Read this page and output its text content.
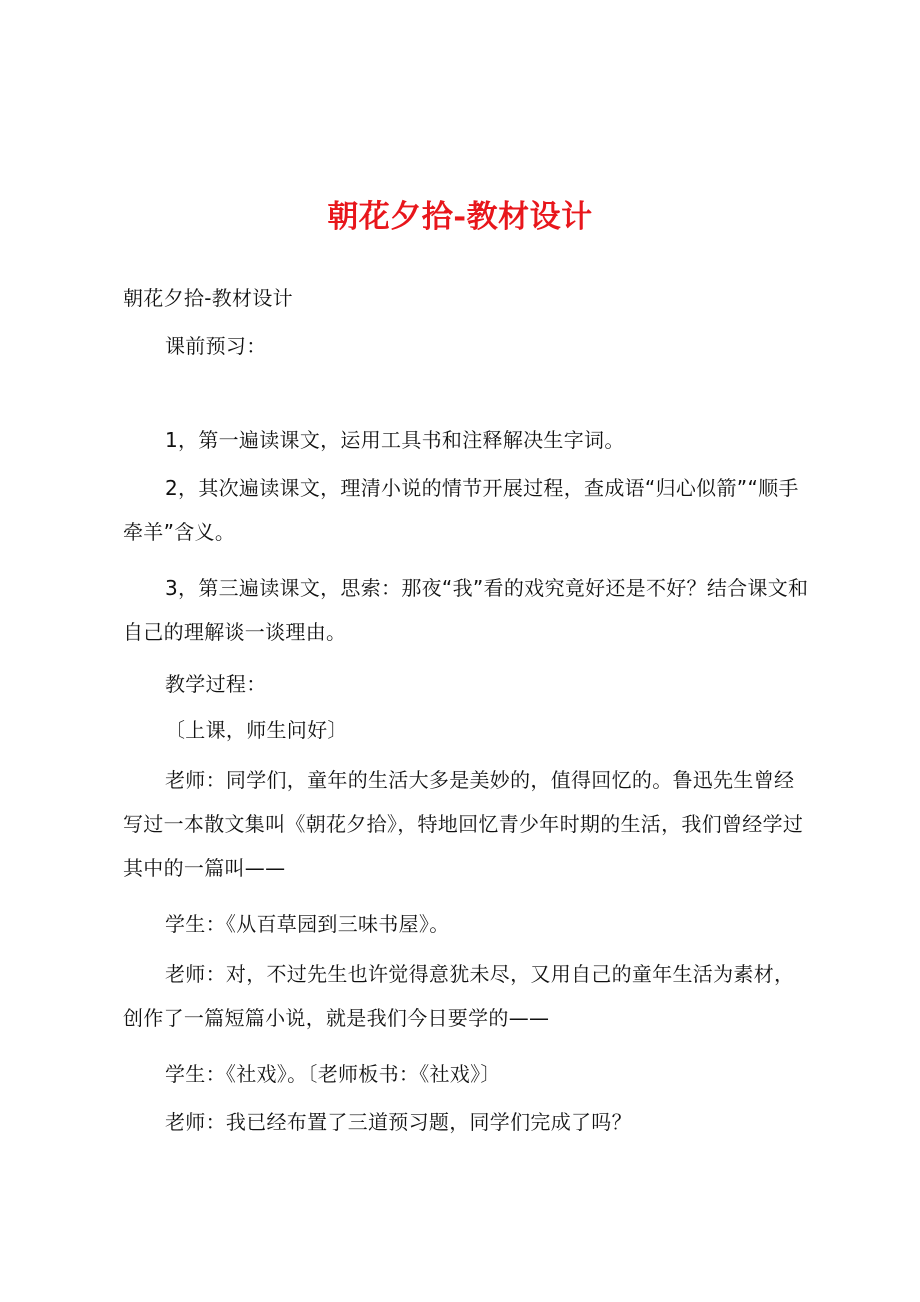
朝花夕拾-教材设计

朝花夕拾-教材设计

课前预习：

1，第一遍读课文，运用工具书和注释解决生字词。

2，其次遍读课文，理清小说的情节开展过程，查成语“归心似箭”“顺手牵羊”含义。

3，第三遍读课文，思索：那夜“我”看的戏究竟好还是不好？结合课文和自己的理解谈一谈理由。

教学过程：

〔上课，师生问好〕

老师：同学们，童年的生活大多是美妙的，值得回忆的。鲁迅先生曾经写过一本散文集叫《朝花夕拾》，特地回忆青少年时期的生活，我们曾经学过其中的一篇叫——

学生：《从百草园到三味书屋》。

老师：对，不过先生也许觉得意犹未尽，又用自己的童年生活为素材，创作了一篇短篇小说，就是我们今日要学的——

学生：《社戏》。〔老师板书：《社戏》〕

老师：我已经布置了三道预习题，同学们完成了吗？
